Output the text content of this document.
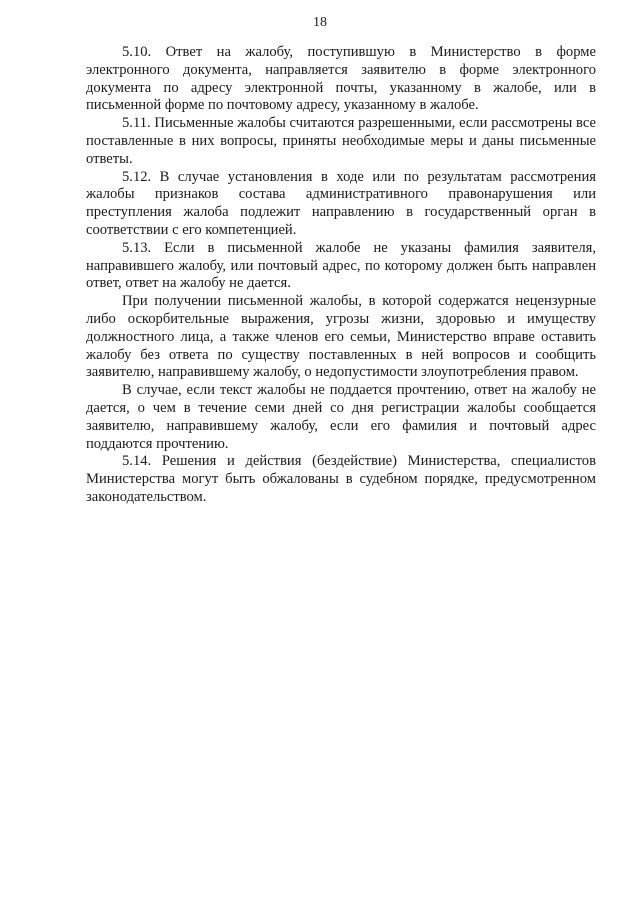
18

5.10. Ответ на жалобу, поступившую в Министерство в форме электронного документа, направляется заявителю в форме электронного документа по адресу электронной почты, указанному в жалобе, или в письменной форме по почтовому адресу, указанному в жалобе.

5.11. Письменные жалобы считаются разрешенными, если рассмотрены все поставленные в них вопросы, приняты необходимые меры и даны письменные ответы.

5.12. В случае установления в ходе или по результатам рассмотрения жалобы признаков состава административного правонарушения или преступления жалоба подлежит направлению в государственный орган в соответствии с его компетенцией.

5.13. Если в письменной жалобе не указаны фамилия заявителя, направившего жалобу, или почтовый адрес, по которому должен быть направлен ответ, ответ на жалобу не дается.

При получении письменной жалобы, в которой содержатся нецензурные либо оскорбительные выражения, угрозы жизни, здоровью и имуществу должностного лица, а также членов его семьи, Министерство вправе оставить жалобу без ответа по существу поставленных в ней вопросов и сообщить заявителю, направившему жалобу, о недопустимости злоупотребления правом.

В случае, если текст жалобы не поддается прочтению, ответ на жалобу не дается, о чем в течение семи дней со дня регистрации жалобы сообщается заявителю, направившему жалобу, если его фамилия и почтовый адрес поддаются прочтению.

5.14. Решения и действия (бездействие) Министерства, специалистов Министерства могут быть обжалованы в судебном порядке, предусмотренном законодательством.
